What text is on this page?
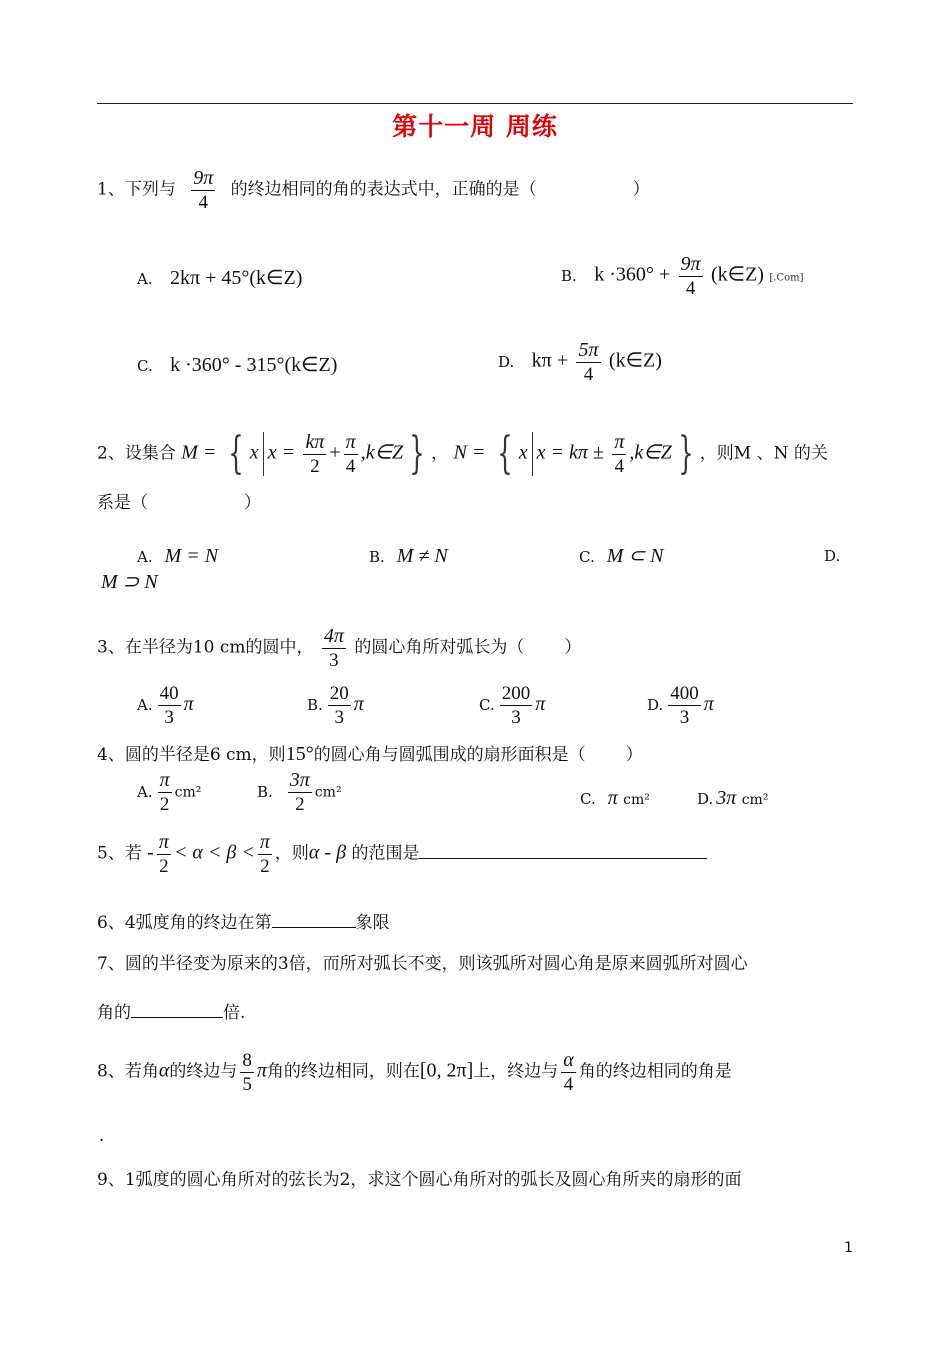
第十一周 周练
1、下列与 $\frac{9\pi}{4}$ 的终边相同的角的表达式中，正确的是（	）
A. 2kπ + 45°(k∈Z)	B. $k \cdot 360^\circ + \frac{9\pi}{4}$ (k∈Z) [.Com]
C. k ·360° - 315°(k∈Z)	D. $k\pi + \frac{5\pi}{4}$ (k∈Z)
2、设集合 M = { x $x = \frac{k\pi}{2} + \frac{\pi}{4}$ ,k∈Z } ， N = { x $x = k\pi \pm \frac{\pi}{4}$ ,k∈Z } ，则M 、N 的关
系是（	）
A. M = N	B. M ≠ N	C. M ⊂ N	D.
M ⊃ N
3、在半径为10 cm的圆中， $\frac{4\pi}{3}$ 的圆心角所对弧长为（ ）
A. $\frac{40}{3}$ π	B. $\frac{20}{3}$ π	C. $\frac{200}{3}$ π	D. $\frac{400}{3}$ π
4、圆的半径是6 cm，则15°的圆心角与圆弧围成的扇形面积是（ ）
A. $\frac{\pi}{2} cm^2$	B. $\frac{3\pi}{2} cm^2$	C. π cm²	D. 3π cm²
5、若 - $\frac{\pi}{2} < \alpha < \beta < \frac{\pi}{2}$ ，则α - β 的范围是
6、4弧度角的终边在第	象限
7、圆的半径变为原来的3倍，而所对弧长不变，则该弧所对圆心角是原来圆弧所对圆心
角的	倍.
8、若角α的终边与 $\frac{8}{5}$ π角的终边相同，则在[0, 2π]上，终边与 $\frac{\alpha}{4}$ 角的终边相同的角是
.
9、1弧度的圆心角所对的弦长为2，求这个圆心角所对的弧长及圆心角所夹的扇形的面
1
